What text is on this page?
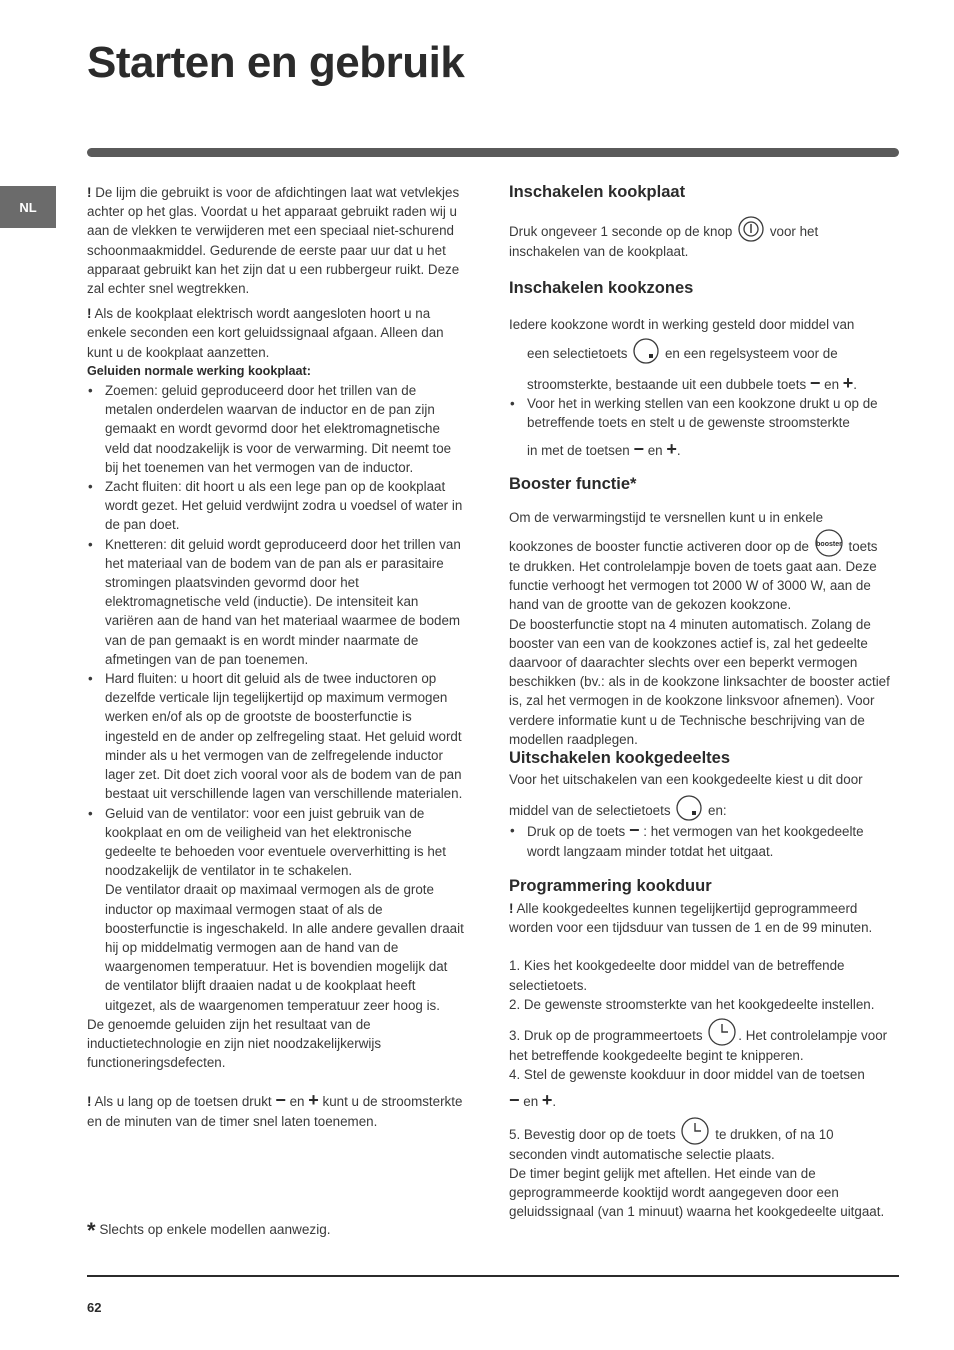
Starten en gebruik
NL

! De lijm die gebruikt is voor de afdichtingen laat wat vetvlekjes achter op het glas. Voordat u het apparaat gebruikt raden wij u aan de vlekken te verwijderen met een speciaal niet-schurend schoonmaakmiddel. Gedurende de eerste paar uur dat u het apparaat gebruikt kan het zijn dat u een rubbergeur ruikt. Deze zal echter snel wegtrekken.

! Als de kookplaat elektrisch wordt aangesloten hoort u na enkele seconden een kort geluidssignaal afgaan. Alleen dan kunt u de kookplaat aanzetten.

Geluiden normale werking kookplaat:

• Zoemen: geluid geproduceerd door het trillen van de metalen onderdelen waarvan de inductor en de pan zijn gemaakt en wordt gevormd door het elektromagnetische veld dat noodzakelijk is voor de verwarming. Dit neemt toe bij het toenemen van het vermogen van de inductor.
• Zacht fluiten: dit hoort u als een lege pan op de kookplaat wordt gezet. Het geluid verdwijnt zodra u voedsel of water in de pan doet.
• Knetteren: dit geluid wordt geproduceerd door het trillen van het materiaal van de bodem van de pan als er parasitaire stromingen plaatsvinden gevormd door het elektromagnetische veld (inductie). De intensiteit kan variëren aan de hand van het materiaal waarmee de bodem van de pan gemaakt is en wordt minder naarmate de afmetingen van de pan toenemen.
• Hard fluiten: u hoort dit geluid als de twee inductoren op dezelfde verticale lijn tegelijkertijd op maximum vermogen werken en/of als op de grootste de boosterfunctie is ingesteld en de ander op zelfregeling staat. Het geluid wordt minder als u het vermogen van de zelfregelende inductor lager zet. Dit doet zich vooral voor als de bodem van de pan bestaat uit verschillende lagen van verschillende materialen.
• Geluid van de ventilator: voor een juist gebruik van de kookplaat en om de veiligheid van het elektronische gedeelte te behoeden voor eventuele oververhitting is het noodzakelijk de ventilator in te schakelen.

De ventilator draait op maximaal vermogen als de grote inductor op maximaal vermogen staat of als de boosterfunctie is ingeschakeld. In alle andere gevallen draait hij op middelmatig vermogen aan de hand van de waargenomen temperatuur. Het is bovendien mogelijk dat de ventilator blijft draaien nadat u de kookplaat heeft uitgezet, als de waargenomen temperatuur zeer hoog is.

De genoemde geluiden zijn het resultaat van de inductietechnologie en zijn niet noodzakelijkerwijs functioneringsdefecten.

! Als u lang op de toetsen drukt − en + kunt u de stroomsterkte en de minuten van de timer snel laten toenemen.

* Slechts op enkele modellen aanwezig.
Inschakelen kookplaat

Druk ongeveer 1 seconde op de knop	voor het inschakelen van de kookplaat.

Inschakelen kookzones

Iedere kookzone wordt in werking gesteld door middel van

een selectietoets	en een regelsysteem voor de

stroomsterkte, bestaande uit een dubbele toets − en +.

• Voor het in werking stellen van een kookzone drukt u op de betreffende toets en stelt u de gewenste stroomsterkte

in met de toetsen − en +.

Booster functie*

Om de verwarmingstijd te versnellen kunt u in enkele

kookzones de booster functie activeren door op de booster toets

te drukken. Het controlelampje boven de toets gaat aan. Deze functie verhoogt het vermogen tot 2000 W of 3000 W, aan de hand van de grootte van de gekozen kookzone.

De boosterfunctie stopt na 4 minuten automatisch. Zolang de booster van een van de kookzones actief is, zal het gedeelte daarvoor of daarachter slechts over een beperkt vermogen beschikken (bv.: als in de kookzone linksachter de booster actief is, zal het vermogen in de kookzone linksvoor afnemen). Voor verdere informatie kunt u de Technische beschrijving van de modellen raadplegen.

Uitschakelen kookgedeeltes

Voor het uitschakelen van een kookgedeelte kiest u dit door

middel van de selectietoets	en:

• Druk op de toets − : het vermogen van het kookgedeelte wordt langzaam minder totdat het uitgaat.
Programmering kookduur

! Alle kookgedeeltes kunnen tegelijkertijd geprogrammeerd worden voor een tijdsduur van tussen de 1 en de 99 minuten.

1. Kies het kookgedeelte door middel van de betreffende selectietoets.

2. De gewenste stroomsterkte van het kookgedeelte instellen.

3. Druk op de programmeertoets	. Het controlelampje voor het betreffende kookgedeelte begint te knipperen.

4. Stel de gewenste kookduur in door middel van de toetsen

− en +.

5. Bevestig door op de toets	te drukken, of na 10 seconden vindt automatische selectie plaats.

De timer begint gelijk met aftellen. Het einde van de geprogrammeerde kooktijd wordt aangegeven door een geluidssignaal (van 1 minuut) waarna het kookgedeelte uitgaat.

62
